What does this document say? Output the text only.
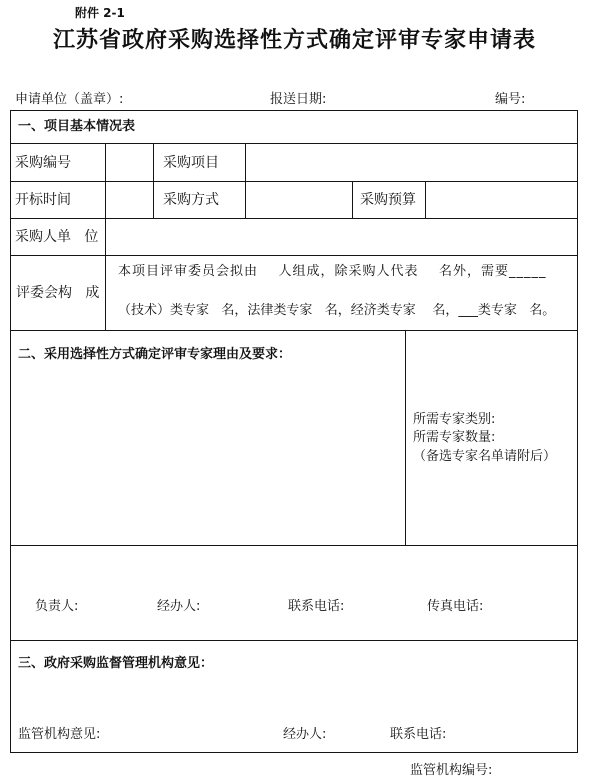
附件 2-1
江苏省政府采购选择性方式确定评审专家申请表
申请单位（盖章）:	报送日期:	编号:
一、项目基本情况表
采购编号	采购项目
开标时间	采购方式	采购预算
采购人单   位
评委会构   成
本项目评审委员会拟由    人组成，除采购人代表    名外，需要_____
（技术）类专家   名，法律类专家   名，经济类专家    名，___类专家   名。
二、采用选择性方式确定评审专家理由及要求：
所需专家类别:
所需专家数量:
（备选专家名单请附后）
负责人:	经办人:	联系电话:	传真电话:
三、政府采购监督管理机构意见：
监管机构意见:	经办人:	联系电话:
监管机构编号:
